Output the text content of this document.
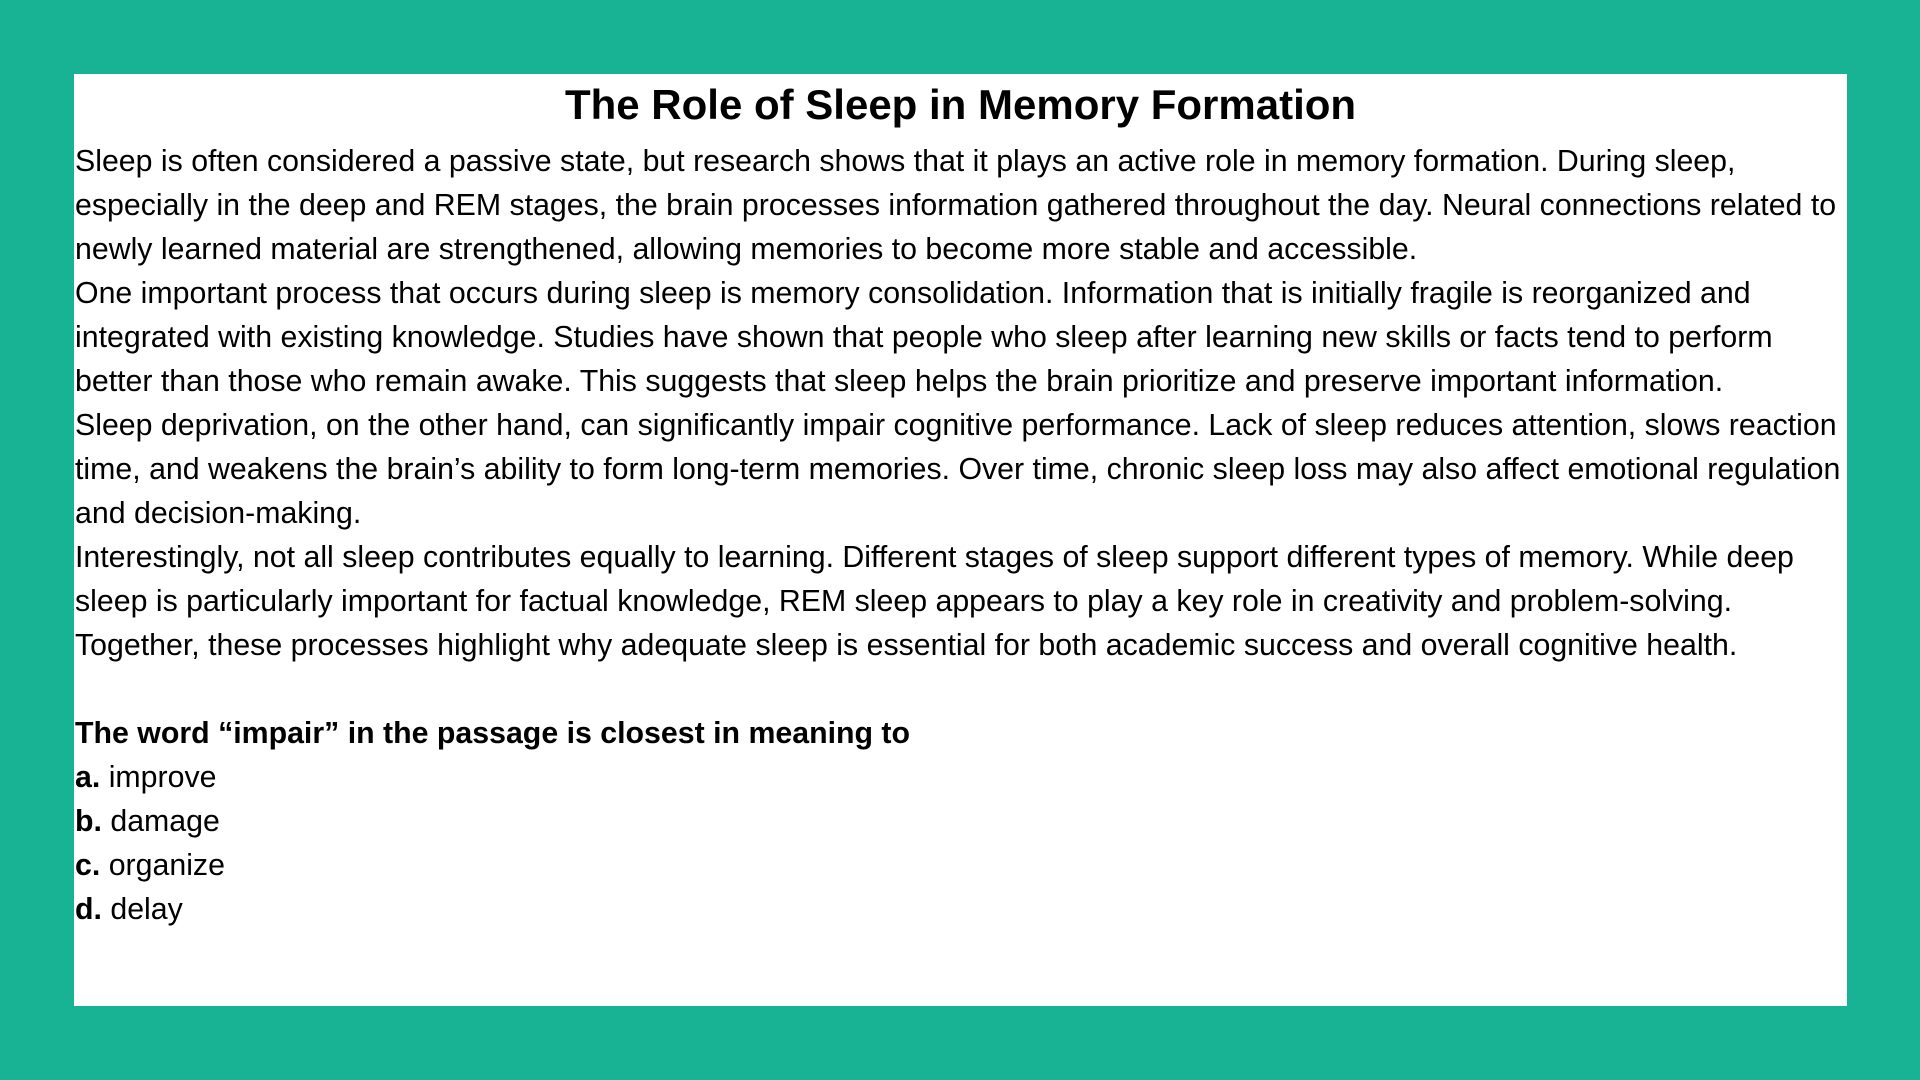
The Role of Sleep in Memory Formation

Sleep is often considered a passive state, but research shows that it plays an active role in memory formation. During sleep, especially in the deep and REM stages, the brain processes information gathered throughout the day. Neural connections related to newly learned material are strengthened, allowing memories to become more stable and accessible.

One important process that occurs during sleep is memory consolidation. Information that is initially fragile is reorganized and integrated with existing knowledge. Studies have shown that people who sleep after learning new skills or facts tend to perform better than those who remain awake. This suggests that sleep helps the brain prioritize and preserve important information.

Sleep deprivation, on the other hand, can significantly impair cognitive performance. Lack of sleep reduces attention, slows reaction time, and weakens the brain’s ability to form long-term memories. Over time, chronic sleep loss may also affect emotional regulation and decision-making.

Interestingly, not all sleep contributes equally to learning. Different stages of sleep support different types of memory. While deep sleep is particularly important for factual knowledge, REM sleep appears to play a key role in creativity and problem-solving. Together, these processes highlight why adequate sleep is essential for both academic success and overall cognitive health.

The word “impair” in the passage is closest in meaning to

a. improve
b. damage
c. organize
d. delay
